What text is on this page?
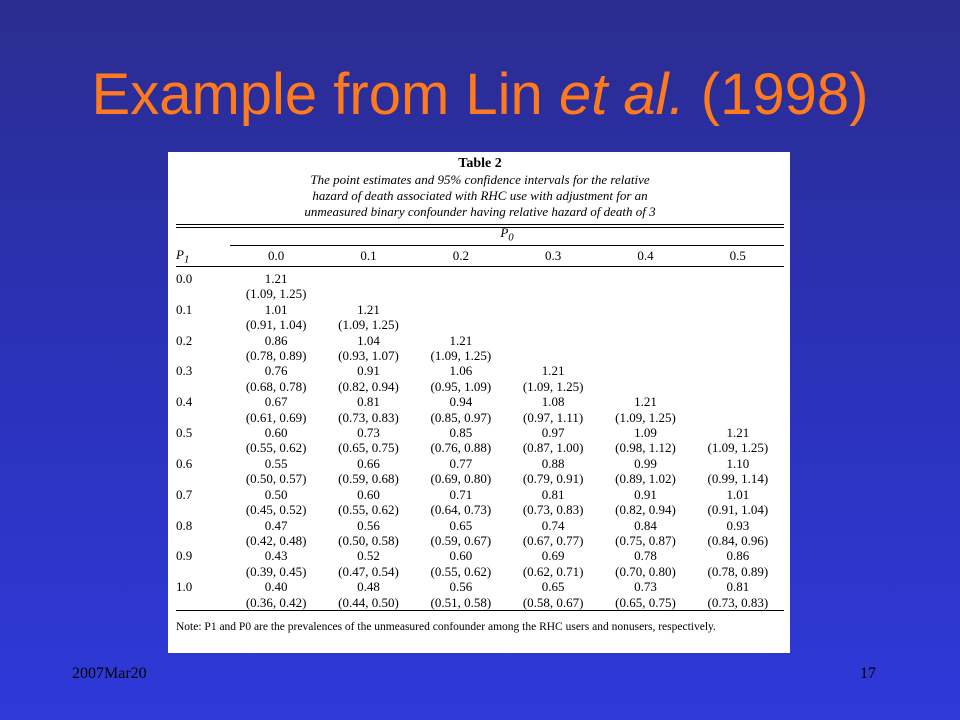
Example from Lin et al. (1998)
Table 2
The point estimates and 95% confidence intervals for the relative
hazard of death associated with RHC use with adjustment for an
unmeasured binary confounder having relative hazard of death of 3
$P_0$
$P_1$	0.0	0.1	0.2	0.3	0.4	0.5
0.0	1.21					
	(1.09, 1.25)					
0.1	1.01	1.21				
	(0.91, 1.04)	(1.09, 1.25)				
0.2	0.86	1.04	1.21			
	(0.78, 0.89)	(0.93, 1.07)	(1.09, 1.25)			
0.3	0.76	0.91	1.06	1.21		
	(0.68, 0.78)	(0.82, 0.94)	(0.95, 1.09)	(1.09, 1.25)		
0.4	0.67	0.81	0.94	1.08	1.21	
	(0.61, 0.69)	(0.73, 0.83)	(0.85, 0.97)	(0.97, 1.11)	(1.09, 1.25)	
0.5	0.60	0.73	0.85	0.97	1.09	1.21
	(0.55, 0.62)	(0.65, 0.75)	(0.76, 0.88)	(0.87, 1.00)	(0.98, 1.12)	(1.09, 1.25)
0.6	0.55	0.66	0.77	0.88	0.99	1.10
	(0.50, 0.57)	(0.59, 0.68)	(0.69, 0.80)	(0.79, 0.91)	(0.89, 1.02)	(0.99, 1.14)
0.7	0.50	0.60	0.71	0.81	0.91	1.01
	(0.45, 0.52)	(0.55, 0.62)	(0.64, 0.73)	(0.73, 0.83)	(0.82, 0.94)	(0.91, 1.04)
0.8	0.47	0.56	0.65	0.74	0.84	0.93
	(0.42, 0.48)	(0.50, 0.58)	(0.59, 0.67)	(0.67, 0.77)	(0.75, 0.87)	(0.84, 0.96)
0.9	0.43	0.52	0.60	0.69	0.78	0.86
	(0.39, 0.45)	(0.47, 0.54)	(0.55, 0.62)	(0.62, 0.71)	(0.70, 0.80)	(0.78, 0.89)
1.0	0.40	0.48	0.56	0.65	0.73	0.81
	(0.36, 0.42)	(0.44, 0.50)	(0.51, 0.58)	(0.58, 0.67)	(0.65, 0.75)	(0.73, 0.83)
Note: P1 and P0 are the prevalences of the unmeasured confounder among the RHC users and nonusers, respectively.
2007Mar20	17
